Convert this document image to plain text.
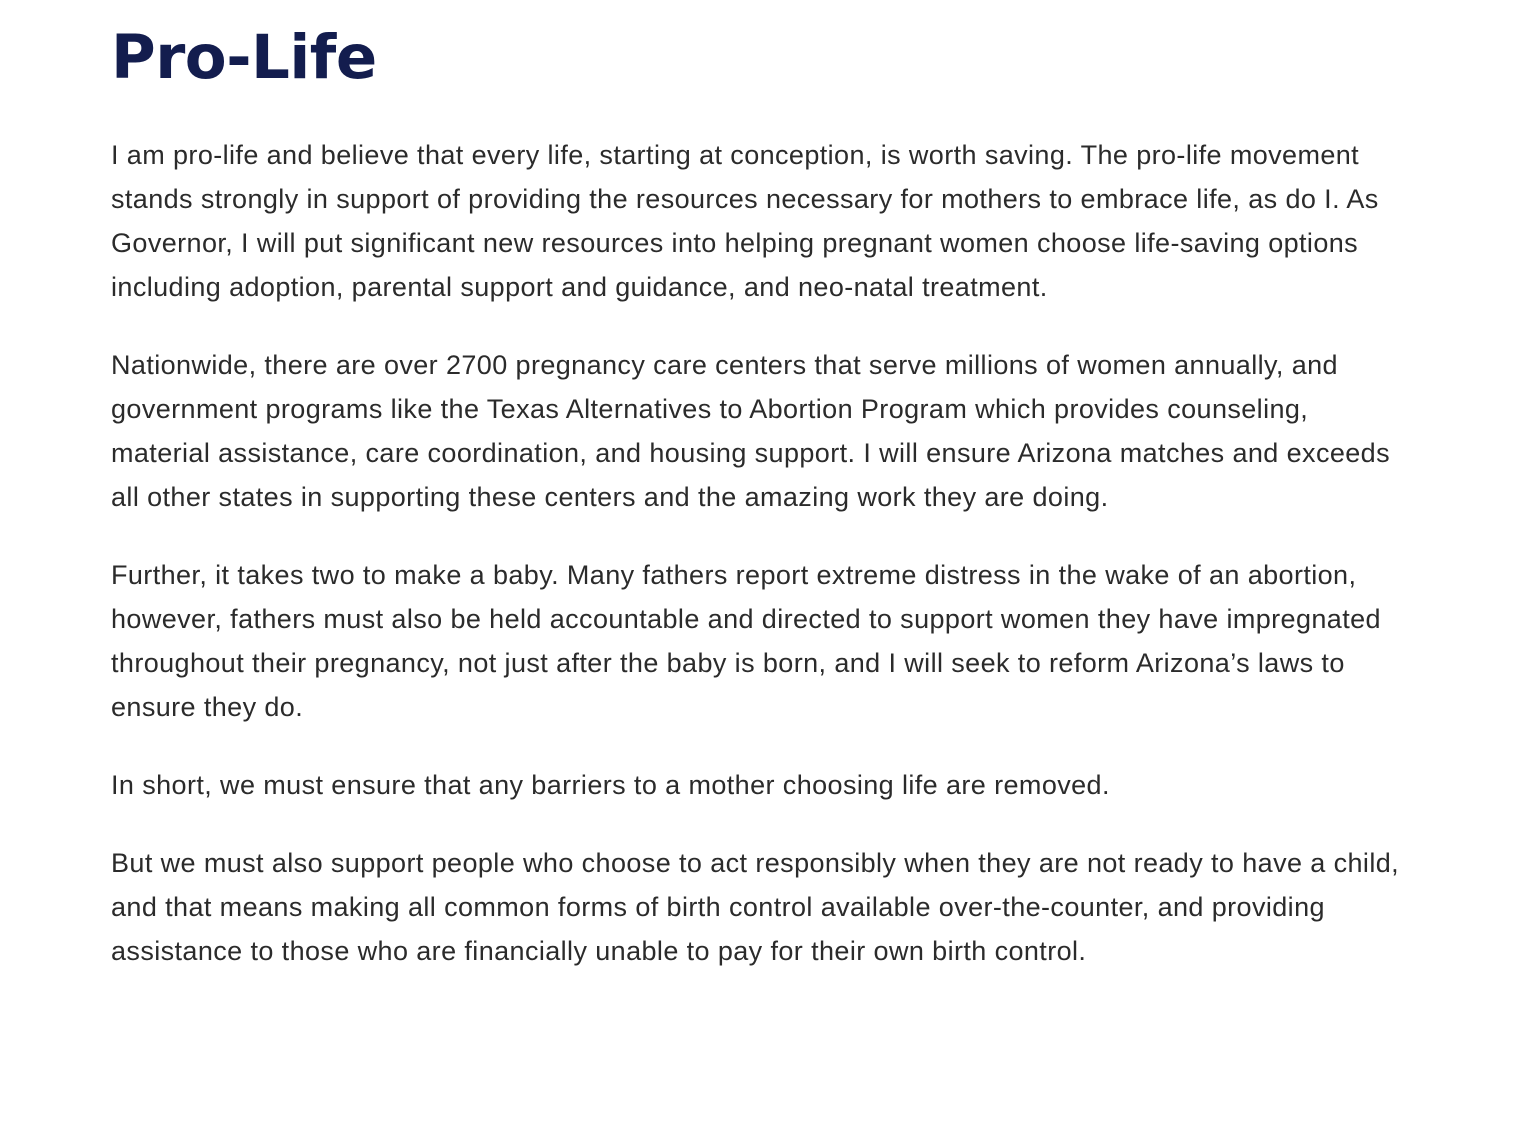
Pro-Life

I am pro-life and believe that every life, starting at conception, is worth saving. The pro-life movement stands strongly in support of providing the resources necessary for mothers to embrace life, as do I. As Governor, I will put significant new resources into helping pregnant women choose life-saving options including adoption, parental support and guidance, and neo-natal treatment.

Nationwide, there are over 2700 pregnancy care centers that serve millions of women annually, and government programs like the Texas Alternatives to Abortion Program which provides counseling, material assistance, care coordination, and housing support. I will ensure Arizona matches and exceeds all other states in supporting these centers and the amazing work they are doing.

Further, it takes two to make a baby. Many fathers report extreme distress in the wake of an abortion, however, fathers must also be held accountable and directed to support women they have impregnated throughout their pregnancy, not just after the baby is born, and I will seek to reform Arizona’s laws to ensure they do.

In short, we must ensure that any barriers to a mother choosing life are removed.

But we must also support people who choose to act responsibly when they are not ready to have a child, and that means making all common forms of birth control available over-the-counter, and providing assistance to those who are financially unable to pay for their own birth control.
